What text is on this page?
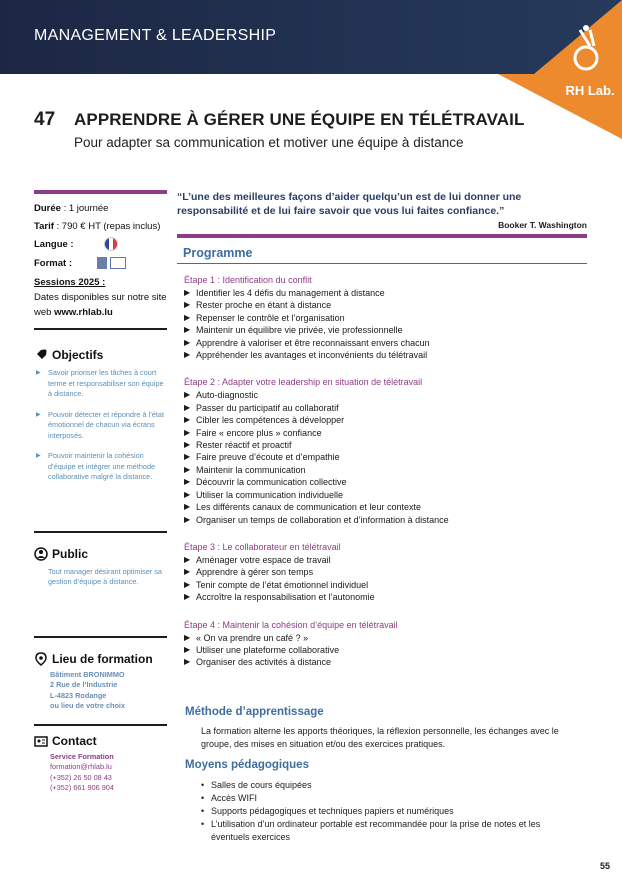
MANAGEMENT & LEADERSHIP
RH Lab.
47 APPRENDRE À GÉRER UNE ÉQUIPE EN TÉLÉTRAVAIL
Pour adapter sa communication et motiver une équipe à distance
Durée : 1 journée
Tarif : 790 € HT (repas inclus)
Langue :
Format :
Sessions 2025 :
Dates disponibles sur notre site web www.rhlab.lu
Objectifs
▶ Savoir prioriser les tâches à court terme et responsabiliser son équipe à distance.
▶ Pouvoir détecter et répondre à l’état émotionnel de chacun via écrans interposés.
▶ Pouvoir maintenir la cohésion d’équipe et intégrer une méthode collaborative malgré la distance.
Public
Tout manager désirant optimiser sa gestion d’équipe à distance.
Lieu de formation
Bâtiment BRONIMMO
2 Rue de l’Industrie
L-4823 Rodange
ou lieu de votre choix
Contact
Service Formation
formation@rhlab.lu
(+352) 26 50 08 43
(+352) 661 906 904
“L’une des meilleures façons d’aider quelqu’un est de lui donner une responsabilité et de lui faire savoir que vous lui faites confiance.”
Booker T. Washington
Programme
Étape 1 : Identification du conflit
▶ Identifier les 4 défis du management à distance
▶ Rester proche en étant à distance
▶ Repenser le contrôle et l’organisation
▶ Maintenir un équilibre vie privée, vie professionnelle
▶ Apprendre à valoriser et être reconnaissant envers chacun
▶ Appréhender les avantages et inconvénients du télétravail
Étape 2 : Adapter votre leadership en situation de télétravail
▶ Auto-diagnostic
▶ Passer du participatif au collaboratif
▶ Cibler les compétences à développer
▶ Faire « encore plus » confiance
▶ Rester réactif et proactif
▶ Faire preuve d’écoute et d’empathie
▶ Maintenir la communication
▶ Découvrir la communication collective
▶ Utiliser la communication individuelle
▶ Les différents canaux de communication et leur contexte
▶ Organiser un temps de collaboration et d’information à distance
Étape 3 : Le collaborateur en télétravail
▶ Aménager votre espace de travail
▶ Apprendre à gérer son temps
▶ Tenir compte de l’état émotionnel individuel
▶ Accroître la responsabilisation et l’autonomie
Étape 4 : Maintenir la cohésion d’équipe en télétravail
▶ « On va prendre un café ? »
▶ Utiliser une plateforme collaborative
▶ Organiser des activités à distance
Méthode d’apprentissage
La formation alterne les apports théoriques, la réflexion personnelle, les échanges avec le groupe, des mises en situation et/ou des exercices pratiques.
Moyens pédagogiques
• Salles de cours équipées
• Accès WIFI
• Supports pédagogiques et techniques papiers et numériques
• L’utilisation d’un ordinateur portable est recommandée pour la prise de notes et les éventuels exercices
55
